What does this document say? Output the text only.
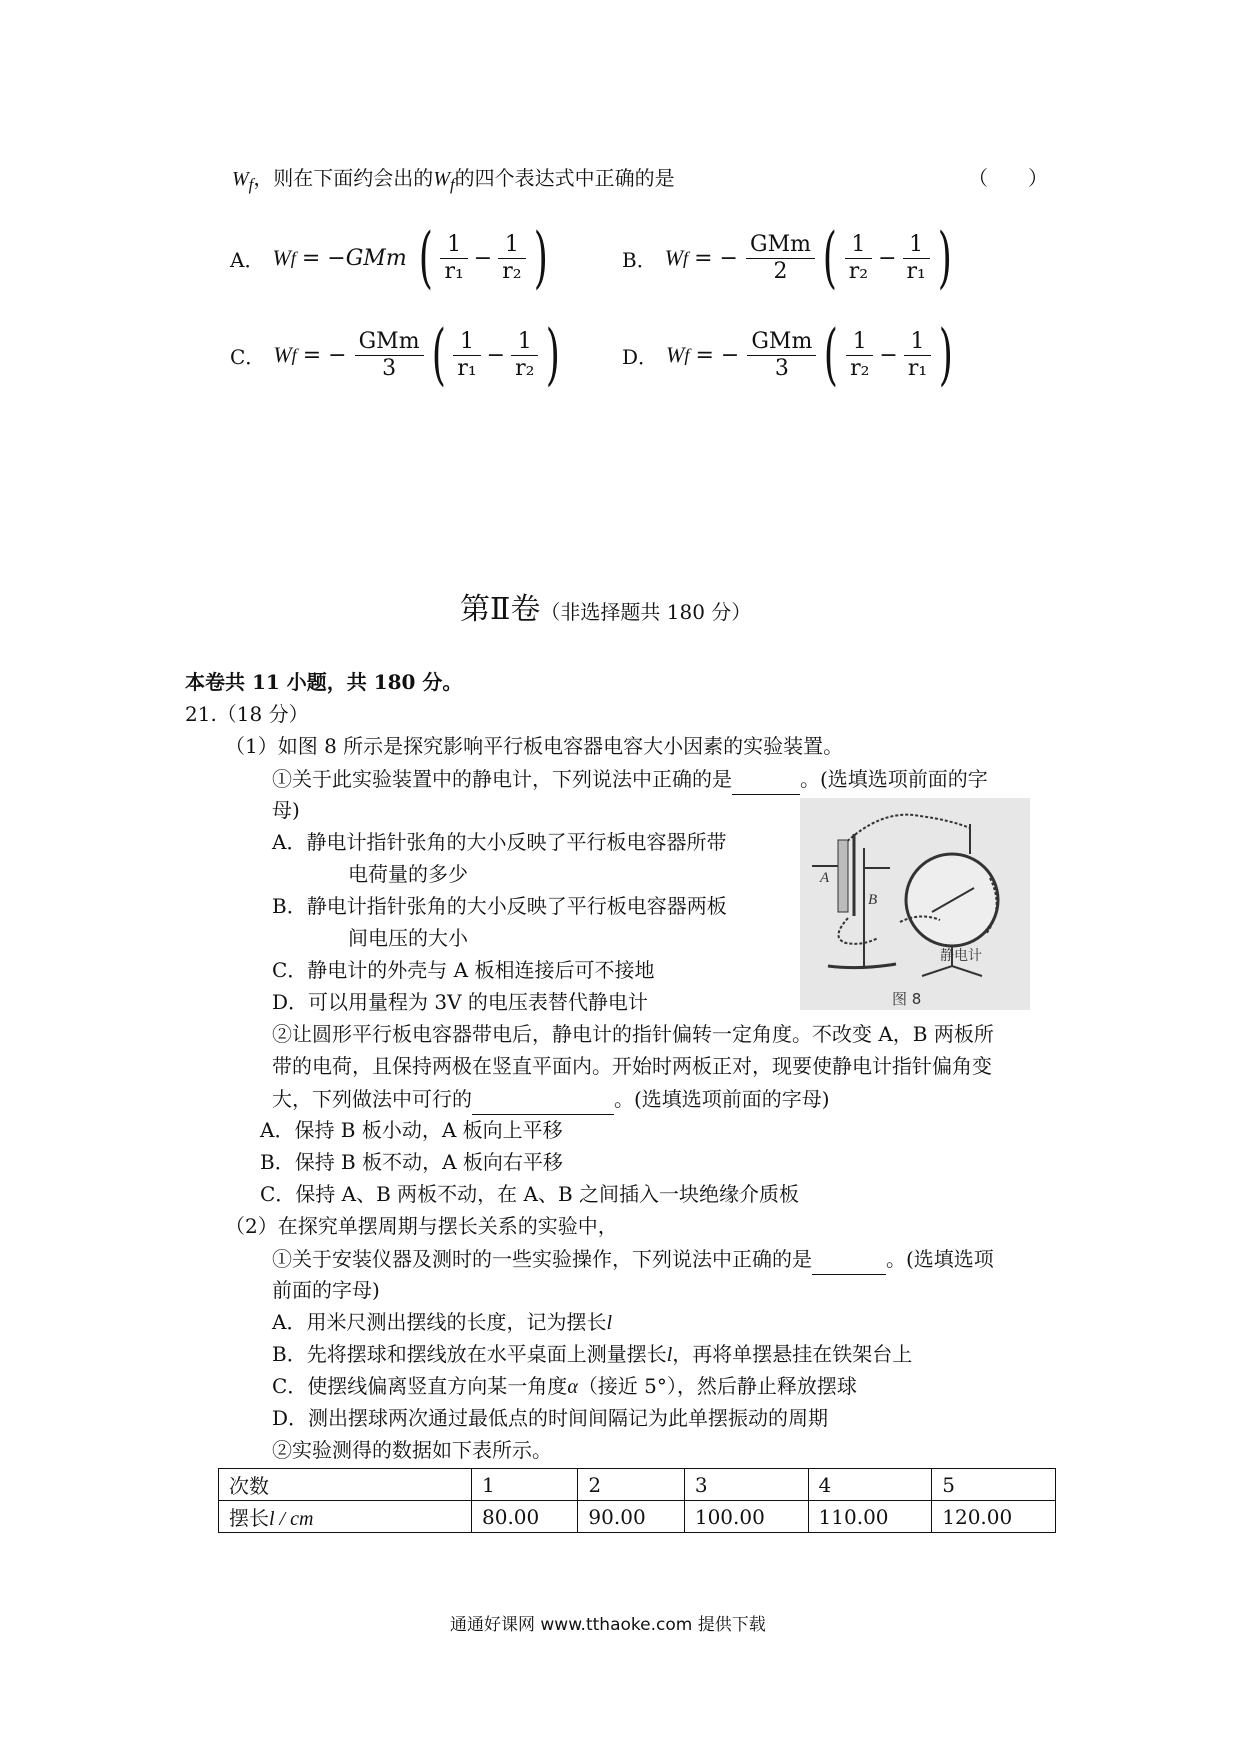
$W_f$，则在下面约会出的$W_f$的四个表达式中正确的是	（　　）
A． W f = −GMm ( $\frac{1}{\text{r₁}} - \frac{1}{\text{r₂}}$ )	B． W f = − $\frac{\text{GMm}}{2}$ ( $\frac{1}{\text{r₂}} - \frac{1}{\text{r₁}}$ )
C． W f = − $\frac{\text{GMm}}{3}$ ( $\frac{1}{\text{r₁}} - \frac{1}{\text{r₂}}$ )	D． W f = − $\frac{\text{GMm}}{3}$ ( $\frac{1}{\text{r₂}} - \frac{1}{\text{r₁}}$ )
第Ⅱ卷（非选择题共 180 分）
本卷共 11 小题，共 180 分。
21.（18 分）
（1）如图 8 所示是探究影响平行板电容器电容大小因素的实验装置。
①关于此实验装置中的静电计，下列说法中正确的是	。(选填选项前面的字
母)
A．静电计指针张角的大小反映了平行板电容器所带
电荷量的多少
B．静电计指针张角的大小反映了平行板电容器两板
间电压的大小
C．静电计的外壳与 A 板相连接后可不接地
D．可以用量程为 3V 的电压表替代静电计
A
B
静电计
图 8
②让圆形平行板电容器带电后，静电计的指针偏转一定角度。不改变 A，B 两板所
带的电荷，且保持两极在竖直平面内。开始时两板正对，现要使静电计指针偏角变
大，下列做法中可行的	。(选填选项前面的字母)
A．保持 B 板小动，A 板向上平移
B．保持 B 板不动，A 板向右平移
C．保持 A、B 两板不动，在 A、B 之间插入一块绝缘介质板
（2）在探究单摆周期与摆长关系的实验中，
①关于安装仪器及测时的一些实验操作，下列说法中正确的是	。(选填选项
前面的字母)
A．用米尺测出摆线的长度，记为摆长l
B．先将摆球和摆线放在水平桌面上测量摆长l，再将单摆悬挂在铁架台上
C．使摆线偏离竖直方向某一角度α（接近 5°），然后静止释放摆球
D．测出摆球两次通过最低点的时间间隔记为此单摆振动的周期
②实验测得的数据如下表所示。
次数	1	2	3	4	5
摆长l / cm	80.00	90.00	100.00	110.00	120.00
通通好课网 www.tthaoke.com 提供下载
